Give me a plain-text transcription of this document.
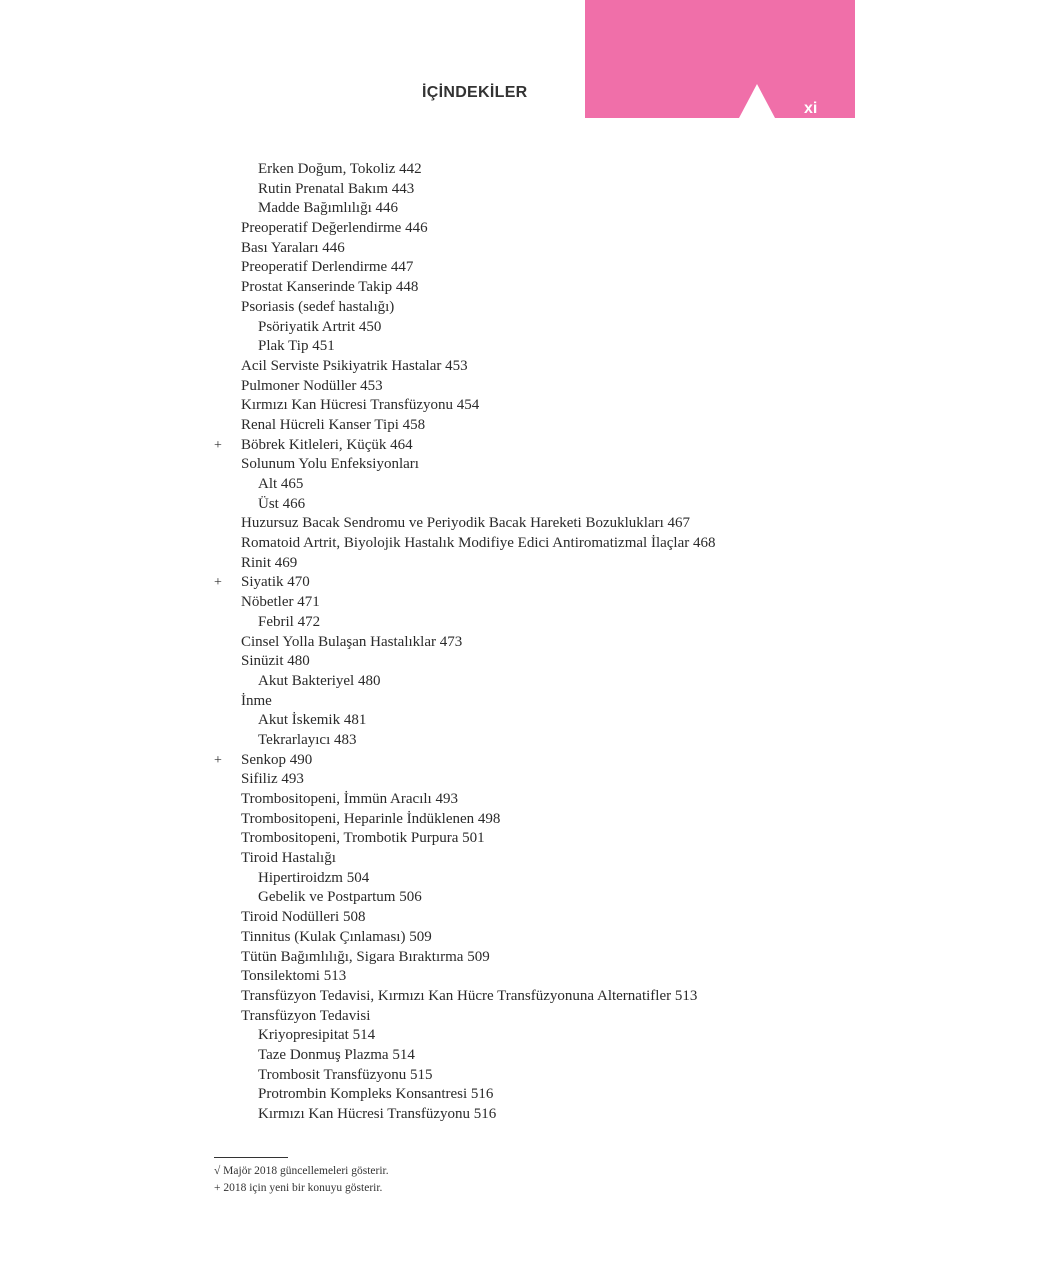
İÇİNDEKİLER
xi
Erken Doğum, Tokoliz 442
Rutin Prenatal Bakım 443
Madde Bağımlılığı 446
Preoperatif Değerlendirme 446
Bası Yaraları 446
Preoperatif Derlendirme 447
Prostat Kanserinde Takip 448
Psoriasis (sedef hastalığı)
Psöriyatik Artrit 450
Plak Tip 451
Acil Serviste Psikiyatrik Hastalar 453
Pulmoner Nodüller 453
Kırmızı Kan Hücresi Transfüzyonu 454
Renal Hücreli Kanser Tipi 458
+ Böbrek Kitleleri, Küçük 464
Solunum Yolu Enfeksiyonları
Alt 465
Üst 466
Huzursuz Bacak Sendromu ve Periyodik Bacak Hareketi Bozuklukları 467
Romatoid Artrit, Biyolojik Hastalık Modifiye Edici Antiromatizmal İlaçlar 468
Rinit 469
+ Siyatik 470
Nöbetler 471
Febril 472
Cinsel Yolla Bulaşan Hastalıklar 473
Sinüzit 480
Akut Bakteriyel 480
İnme
Akut İskemik 481
Tekrarlayıcı 483
+ Senkop 490
Sifiliz 493
Trombositopeni, İmmün Aracılı 493
Trombositopeni, Heparinle İndüklenen 498
Trombositopeni, Trombotik Purpura 501
Tiroid Hastalığı
Hipertiroidzm 504
Gebelik ve Postpartum 506
Tiroid Nodülleri 508
Tinnitus (Kulak Çınlaması) 509
Tütün Bağımlılığı, Sigara Bıraktırma 509
Tonsilektomi 513
Transfüzyon Tedavisi, Kırmızı Kan Hücre Transfüzyonuna Alternatifler 513
Transfüzyon Tedavisi
Kriyopresipitat 514
Taze Donmuş Plazma 514
Trombosit Transfüzyonu 515
Protrombin Kompleks Konsantresi 516
Kırmızı Kan Hücresi Transfüzyonu 516
√ Majör 2018 güncellemeleri gösterir.
+ 2018 için yeni bir konuyu gösterir.
